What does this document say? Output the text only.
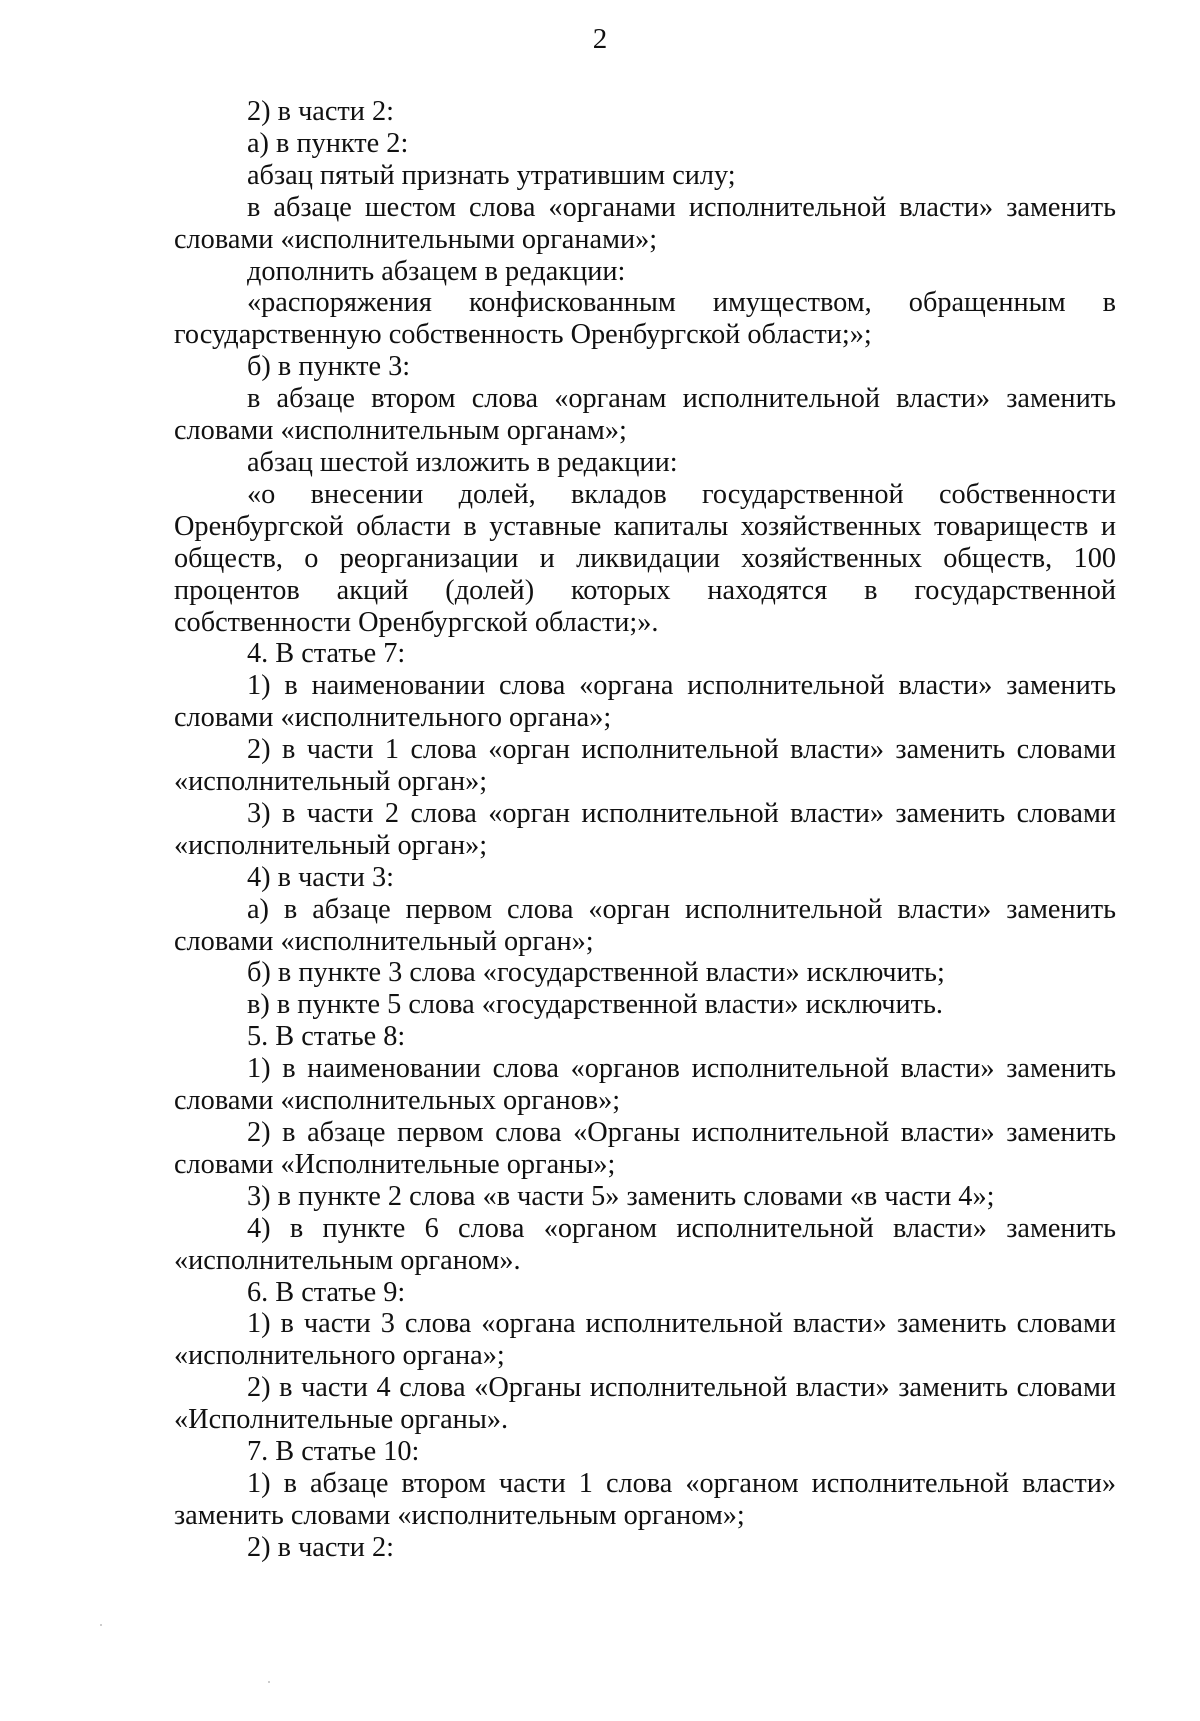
2

2) в части 2:

а) в пункте 2:

абзац пятый признать утратившим силу;

в абзаце шестом слова «органами исполнительной власти» заменить словами «исполнительными органами»;

дополнить абзацем в редакции:

«распоряжения конфискованным имуществом, обращенным в государственную собственность Оренбургской области;»;

б) в пункте 3:

в абзаце втором слова «органам исполнительной власти» заменить словами «исполнительным органам»;

абзац шестой изложить в редакции:

«о внесении долей, вкладов государственной собственности Оренбургской области в уставные капиталы хозяйственных товариществ и обществ, о реорганизации и ликвидации хозяйственных обществ, 100 процентов акций (долей) которых находятся в государственной собственности Оренбургской области;».

4. В статье 7:

1) в наименовании слова «органа исполнительной власти» заменить словами «исполнительного органа»;

2) в части 1 слова «орган исполнительной власти» заменить словами «исполнительный орган»;

3) в части 2 слова «орган исполнительной власти» заменить словами «исполнительный орган»;

4) в части 3:

а) в абзаце первом слова «орган исполнительной власти» заменить словами «исполнительный орган»;

б) в пункте 3 слова «государственной власти» исключить;

в) в пункте 5 слова «государственной власти» исключить.

5. В статье 8:

1) в наименовании слова «органов исполнительной власти» заменить словами «исполнительных органов»;

2) в абзаце первом слова «Органы исполнительной власти» заменить словами «Исполнительные органы»;

3) в пункте 2 слова «в части 5» заменить словами «в части 4»;

4) в пункте 6 слова «органом исполнительной власти» заменить «исполнительным органом».

6. В статье 9:

1) в части 3 слова «органа исполнительной власти» заменить словами «исполнительного органа»;

2) в части 4 слова «Органы исполнительной власти» заменить словами «Исполнительные органы».

7. В статье 10:

1) в абзаце втором части 1 слова «органом исполнительной власти» заменить словами «исполнительным органом»;

2) в части 2:
